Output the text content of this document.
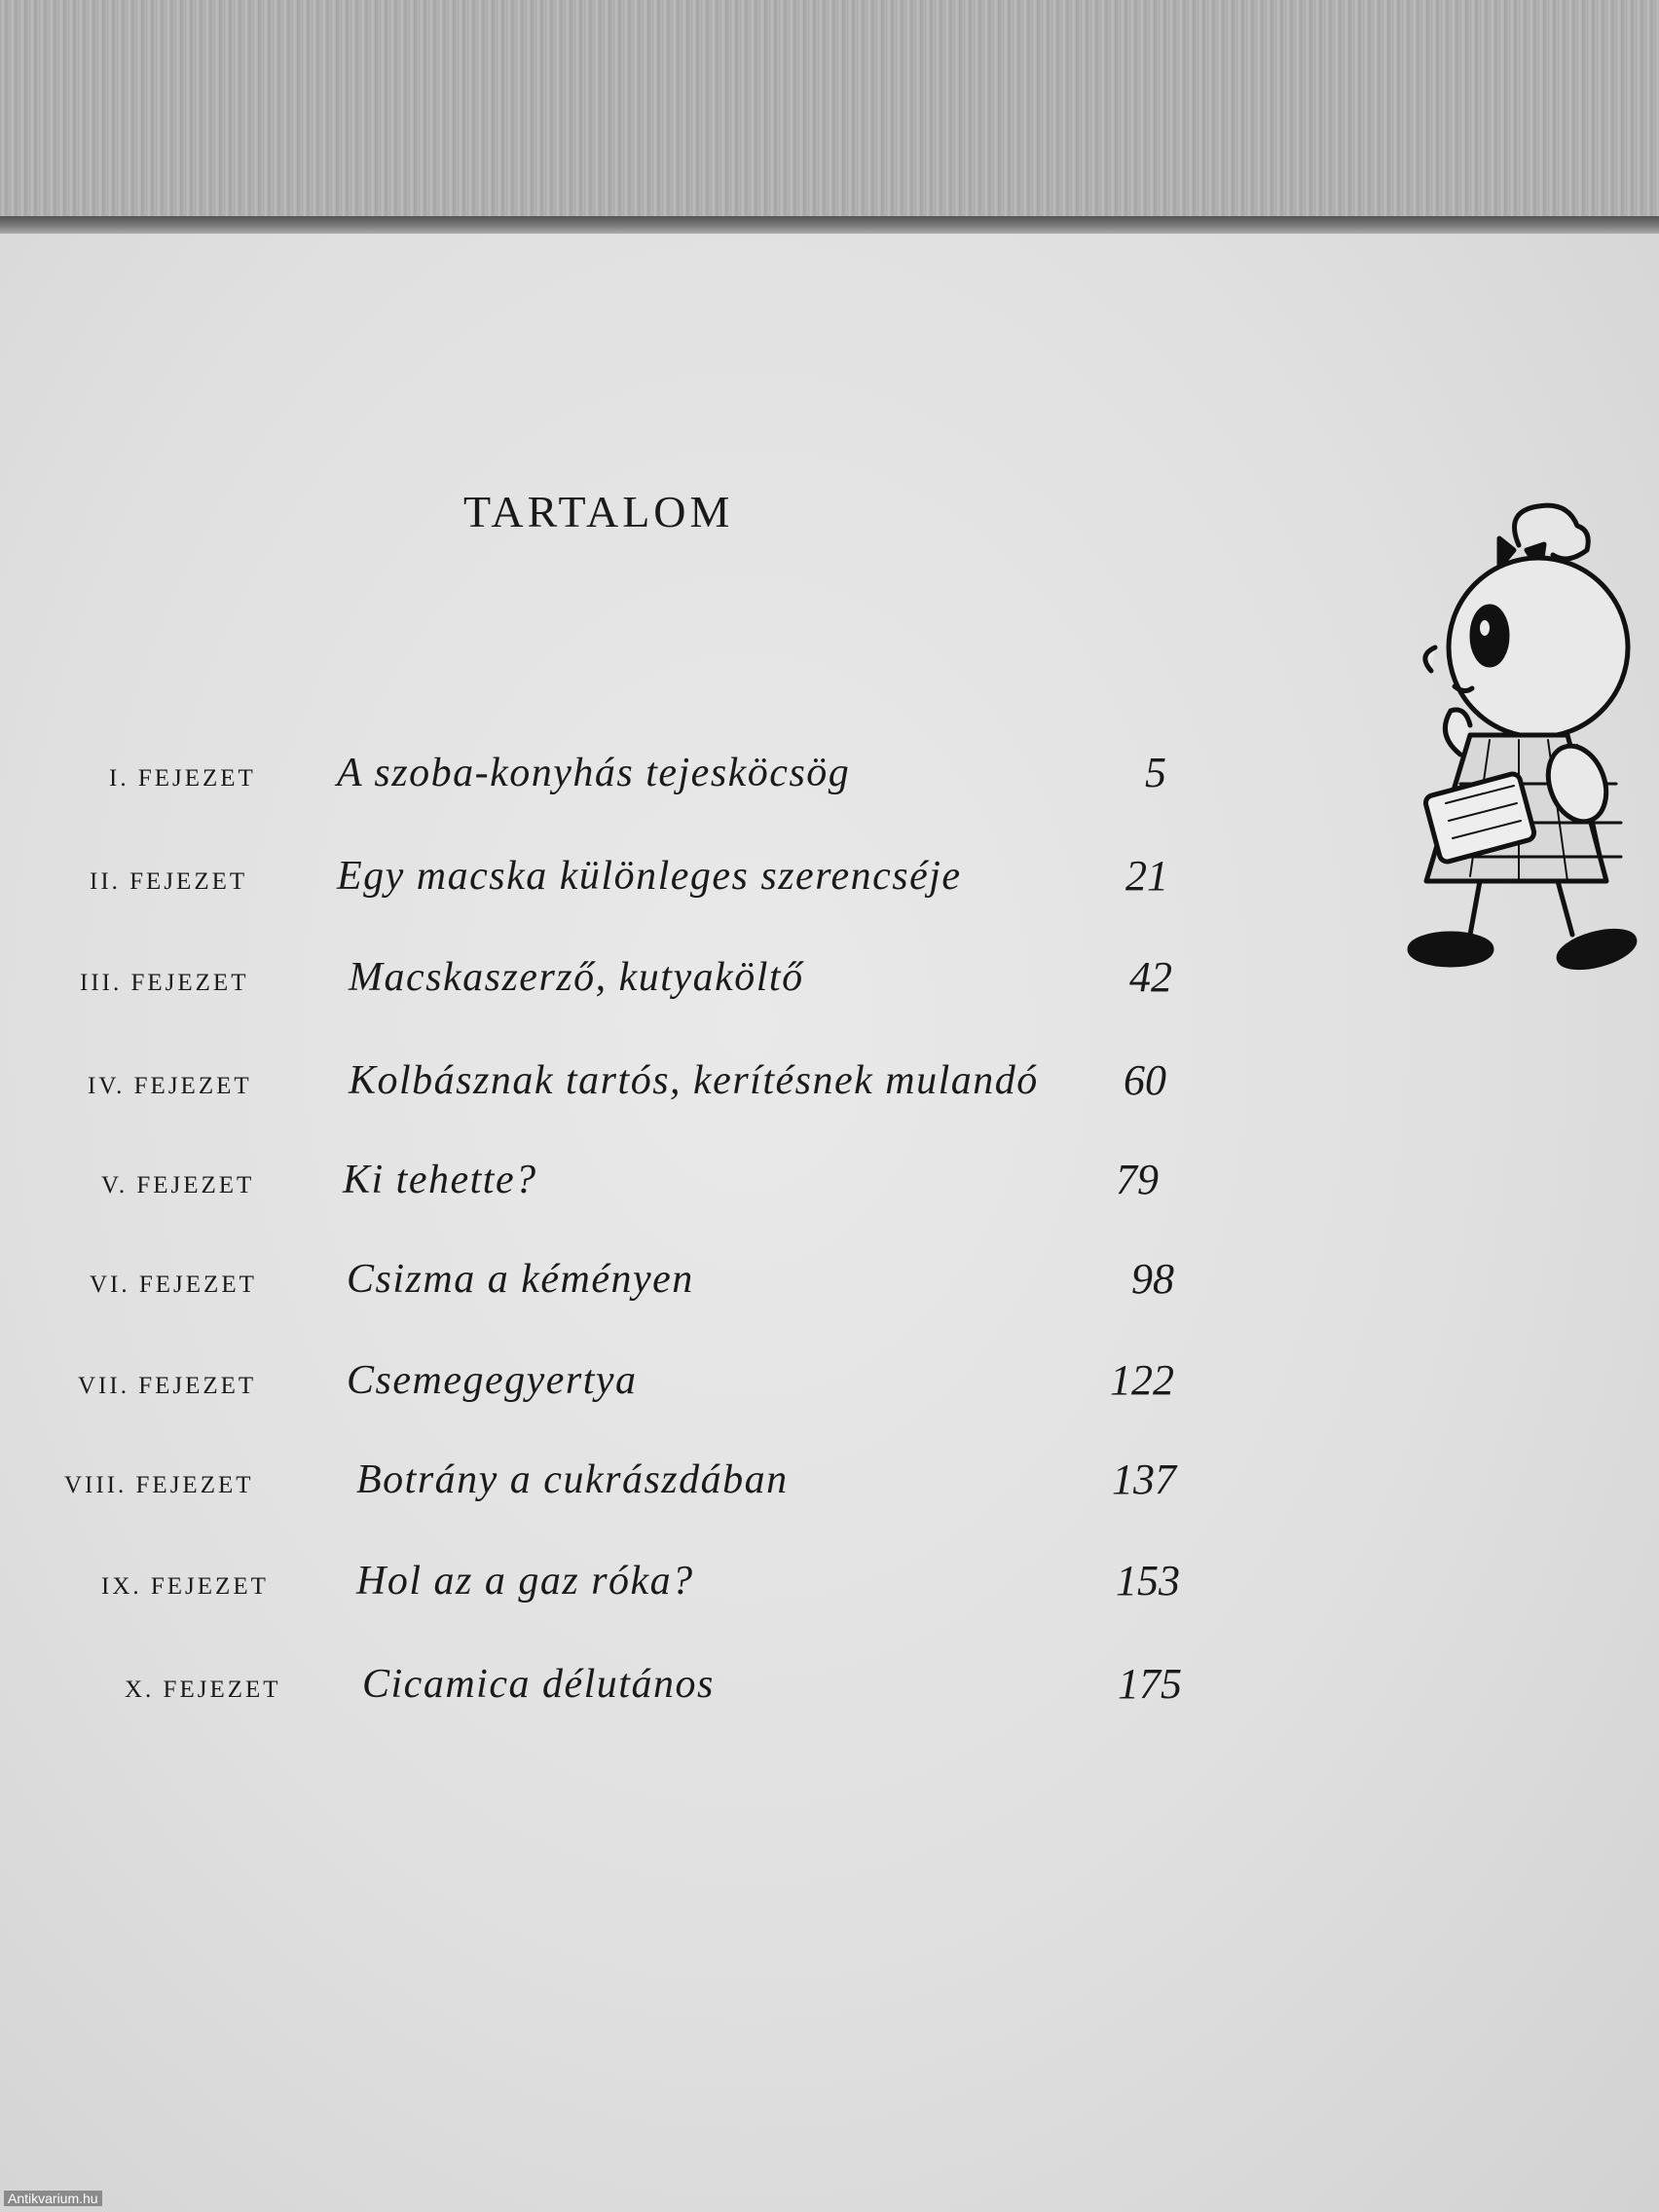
TARTALOM
I. FEJEZET A szoba-konyhás tejesköcsög	5
II. FEJEZET Egy macska különleges szerencséje	21
III. FEJEZET Macskaszerző, kutyaköltő	42
IV. FEJEZET Kolbásznak tartós, kerítésnek mulandó 60
V. FEJEZET Ki tehette?	79
VI. FEJEZET Csizma a kéményen	98
VII. FEJEZET Csemegegyertya	122
VIII. FEJEZET	Botrány a cukrászdában	137
IX. FEJEZET Hol az a gaz róka?	153
X. FEJEZET Cicamica délutános	175
Antikvarium.hu
